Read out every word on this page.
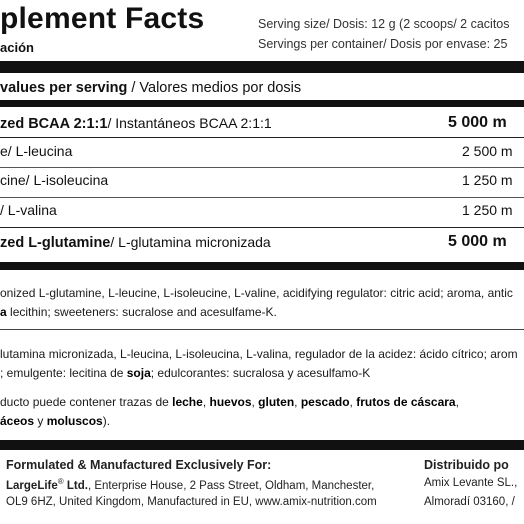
plement Facts
ación
Serving size/ Dosis: 12 g (2 scoops/ 2 cacitos
Servings per container/ Dosis por envase: 25
values per serving / Valores medios por dosis
zed BCAA 2:1:1/ Instantáneos BCAA 2:1:1	5 000 m
e/ L-leucina	2 500 m
cine/ L-isoleucina	1 250 m
/ L-valina	1 250 m
zed L-glutamine/ L-glutamina micronizada	5 000 m
onized L-glutamine, L-leucine, L-isoleucine, L-valine, acidifying regulator: citric acid; aroma, antic
a lecithin; sweeteners: sucralose and acesulfame-K.
lutamina micronizada, L-leucina, L-isoleucina, L-valina, regulador de la acidez: ácido cítrico; arom
; emulgente: lecitina de soja; edulcorantes: sucralosa y acesulfamo-K
ducto puede contener trazas de leche, huevos, gluten, pescado, frutos de cáscara,
áceos y moluscos).
Formulated & Manufactured Exclusively For:
LargeLife® Ltd., Enterprise House, 2 Pass Street, Oldham, Manchester,
OL9 6HZ, United Kingdom, Manufactured in EU, www.amix-nutrition.com
Distribuido po
Amix Levante SL.,
Almoradí 03160, /
